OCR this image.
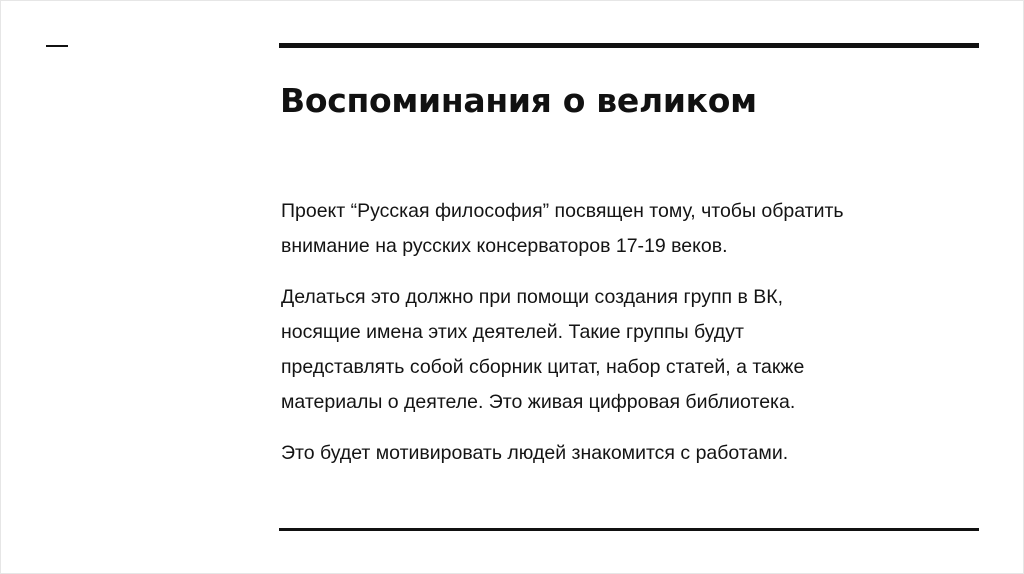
Воспоминания о великом

Проект “Русская философия” посвящен тому, чтобы обратить
внимание на русских консерваторов 17-19 веков.

Делаться это должно при помощи создания групп в ВК,
носящие имена этих деятелей. Такие группы будут
представлять собой сборник цитат, набор статей, а также
материалы о деятеле. Это живая цифровая библиотека.

Это будет мотивировать людей знакомится с работами.
